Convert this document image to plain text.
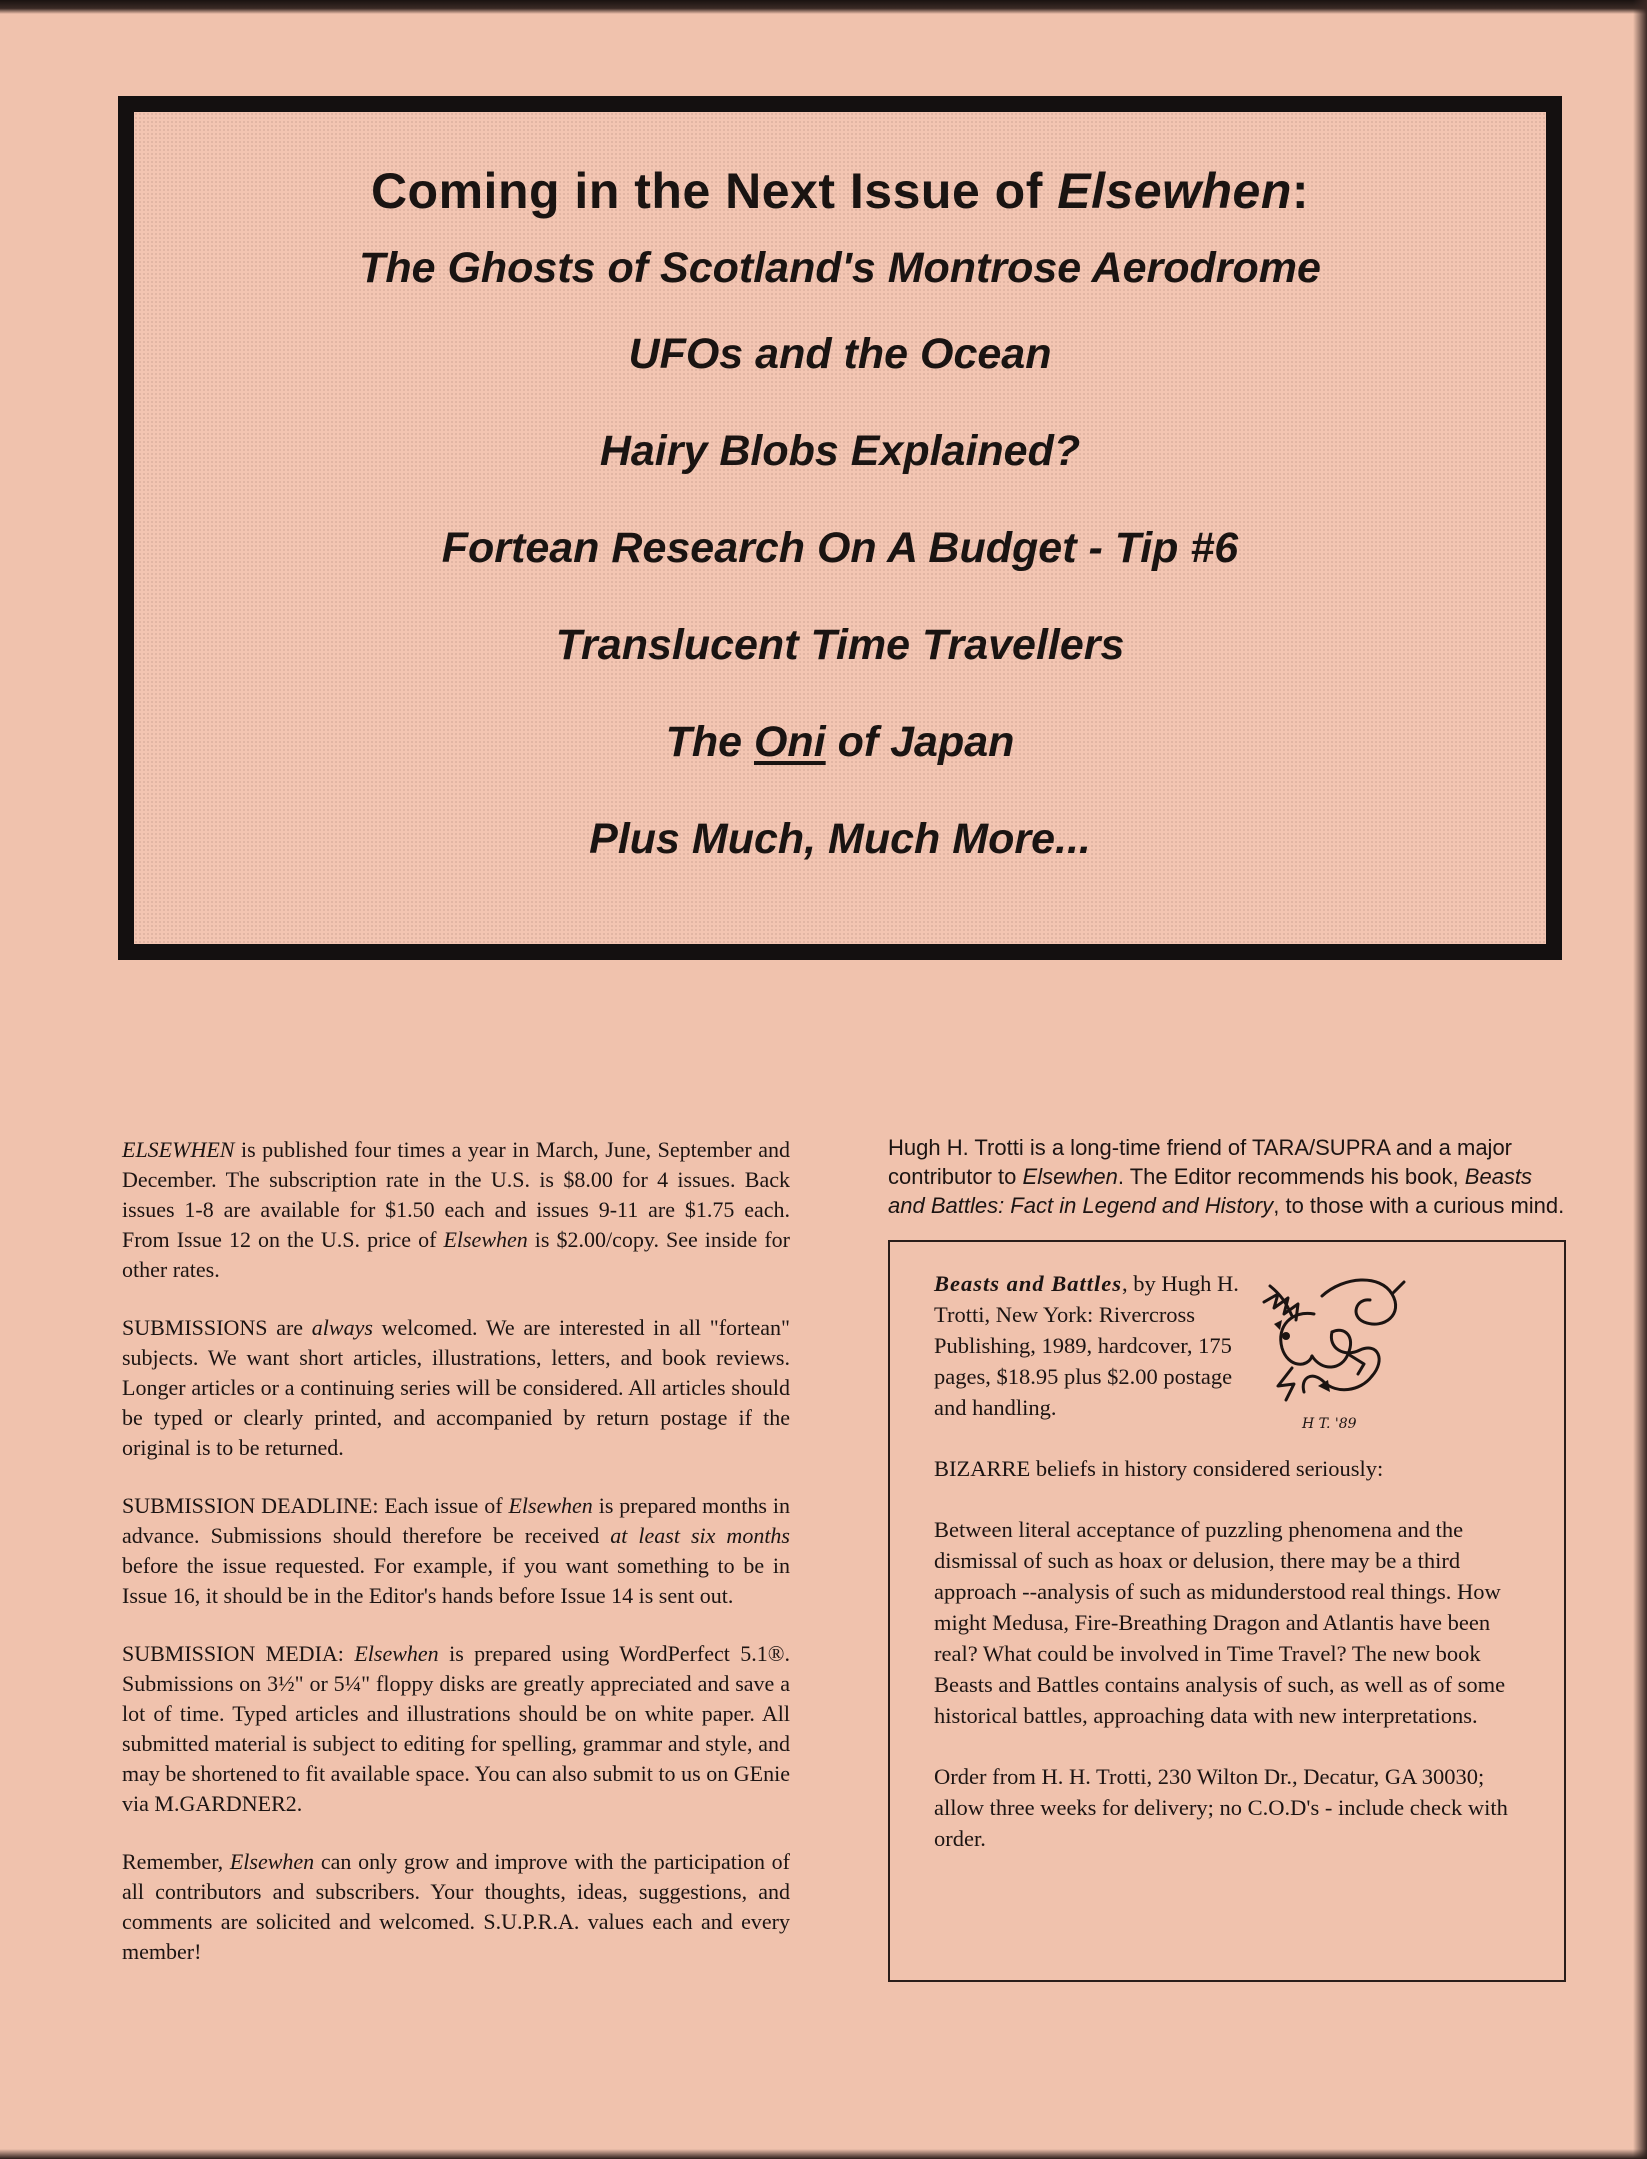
Coming in the Next Issue of Elsewhen:
The Ghosts of Scotland's Montrose Aerodrome
UFOs and the Ocean
Hairy Blobs Explained?
Fortean Research On A Budget - Tip #6
Translucent Time Travellers
The Oni of Japan
Plus Much, Much More...

ELSEWHEN is published four times a year in March, June, September and December. The subscription rate in the U.S. is $8.00 for 4 issues. Back issues 1-8 are available for $1.50 each and issues 9-11 are $1.75 each. From Issue 12 on the U.S. price of Elsewhen is $2.00/copy. See inside for other rates.

SUBMISSIONS are always welcomed. We are interested in all "fortean" subjects. We want short articles, illustrations, letters, and book reviews. Longer articles or a continuing series will be considered. All articles should be typed or clearly printed, and accompanied by return postage if the original is to be returned.

SUBMISSION DEADLINE: Each issue of Elsewhen is prepared months in advance. Submissions should therefore be received at least six months before the issue requested. For example, if you want something to be in Issue 16, it should be in the Editor's hands before Issue 14 is sent out.

SUBMISSION MEDIA: Elsewhen is prepared using WordPerfect 5.1®. Submissions on 3½" or 5¼" floppy disks are greatly appreciated and save a lot of time. Typed articles and illustrations should be on white paper. All submitted material is subject to editing for spelling, grammar and style, and may be shortened to fit available space. You can also submit to us on GEnie via M.GARDNER2.

Remember, Elsewhen can only grow and improve with the participation of all contributors and subscribers. Your thoughts, ideas, suggestions, and comments are solicited and welcomed. S.U.P.R.A. values each and every member!

Hugh H. Trotti is a long-time friend of TARA/SUPRA and a major contributor to Elsewhen. The Editor recommends his book, Beasts and Battles: Fact in Legend and History, to those with a curious mind.

Beasts and Battles, by Hugh H. Trotti, New York: Rivercross Publishing, 1989, hardcover, 175 pages, $18.95 plus $2.00 postage and handling.

H T. '89

BIZARRE beliefs in history considered seriously:

Between literal acceptance of puzzling phenomena and the dismissal of such as hoax or delusion, there may be a third approach --analysis of such as midunderstood real things. How might Medusa, Fire-Breathing Dragon and Atlantis have been real? What could be involved in Time Travel? The new book Beasts and Battles contains analysis of such, as well as of some historical battles, approaching data with new interpretations.

Order from H. H. Trotti, 230 Wilton Dr., Decatur, GA 30030; allow three weeks for delivery; no C.O.D's - include check with order.
